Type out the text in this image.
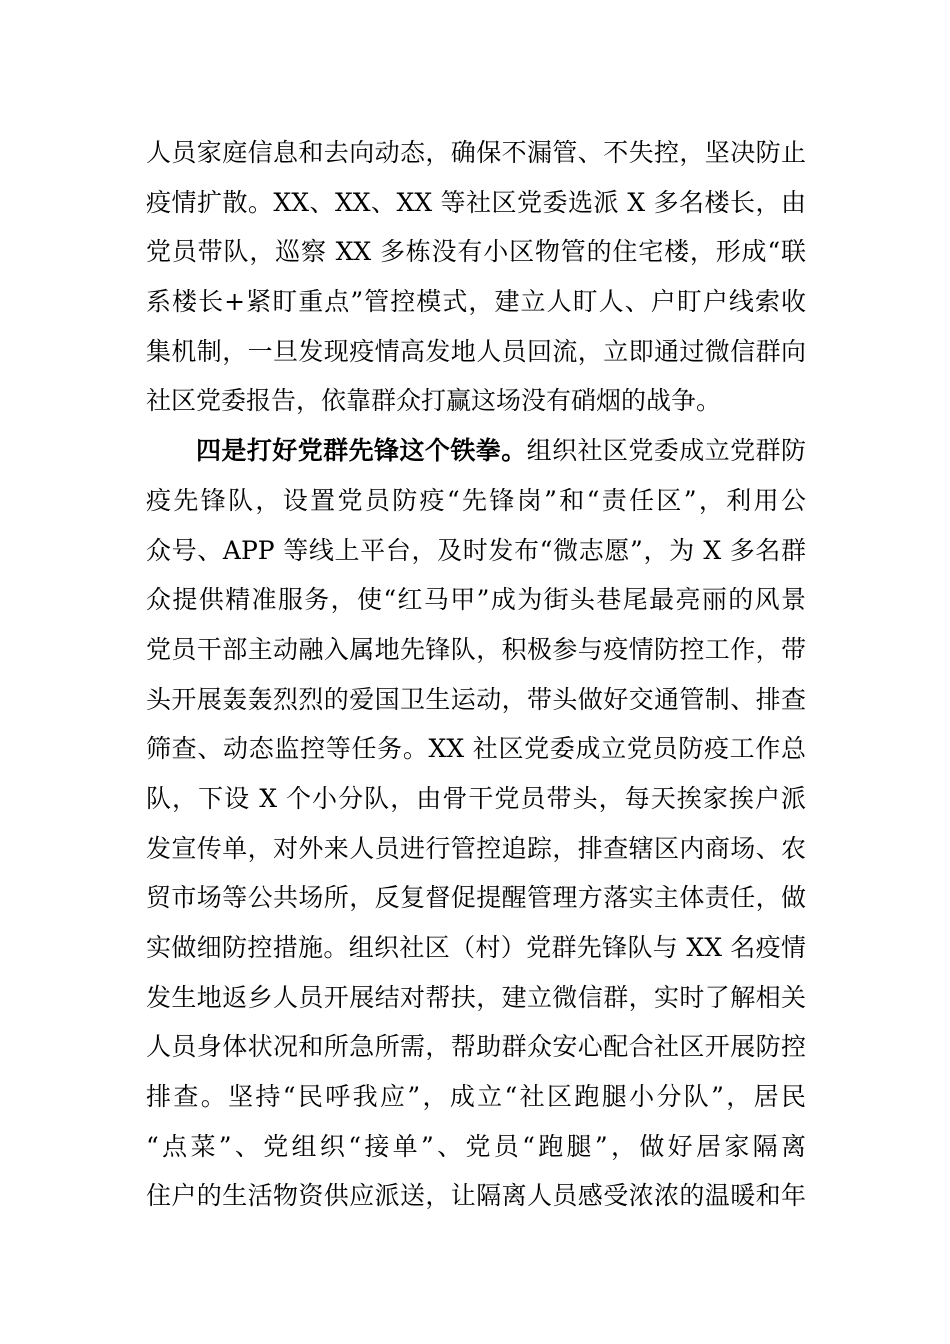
人员家庭信息和去向动态，确保不漏管、不失控，坚决防止
疫情扩散。XX、XX、XX 等社区党委选派 X 多名楼长，由
党员带队，巡察 XX 多栋没有小区物管的住宅楼，形成“联
系楼长+紧盯重点”管控模式，建立人盯人、户盯户线索收
集机制，一旦发现疫情高发地人员回流，立即通过微信群向
社区党委报告，依靠群众打赢这场没有硝烟的战争。
四是打好党群先锋这个铁拳。组织社区党委成立党群防
疫先锋队，设置党员防疫“先锋岗”和“责任区”，利用公
众号、APP 等线上平台，及时发布“微志愿”，为 X 多名群
众提供精准服务，使“红马甲”成为街头巷尾最亮丽的风景
党员干部主动融入属地先锋队，积极参与疫情防控工作，带
头开展轰轰烈烈的爱国卫生运动，带头做好交通管制、排查
筛查、动态监控等任务。XX 社区党委成立党员防疫工作总
队，下设 X 个小分队，由骨干党员带头，每天挨家挨户派
发宣传单，对外来人员进行管控追踪，排查辖区内商场、农
贸市场等公共场所，反复督促提醒管理方落实主体责任，做
实做细防控措施。组织社区（村）党群先锋队与 XX 名疫情
发生地返乡人员开展结对帮扶，建立微信群，实时了解相关
人员身体状况和所急所需，帮助群众安心配合社区开展防控
排查。坚持“民呼我应”，成立“社区跑腿小分队”，居民
“点菜”、党组织“接单”、党员“跑腿”，做好居家隔离
住户的生活物资供应派送，让隔离人员感受浓浓的温暖和年
